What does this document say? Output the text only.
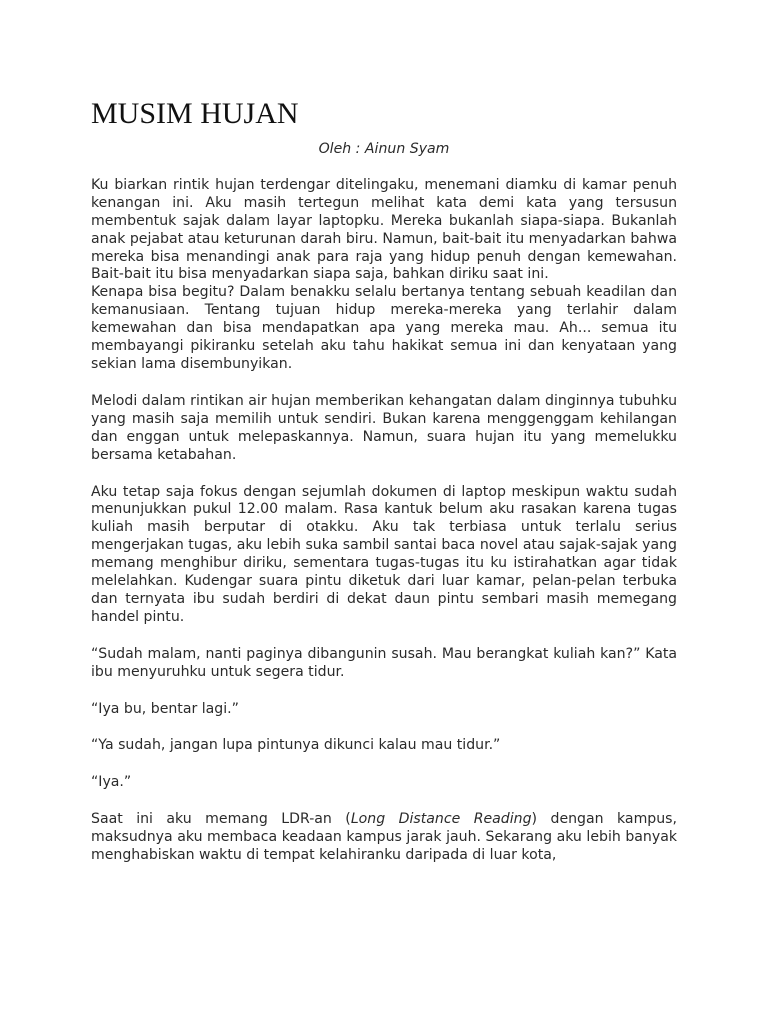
MUSIM HUJAN
Oleh : Ainun Syam

Ku biarkan rintik hujan terdengar ditelingaku, menemani diamku di kamar penuh kenangan ini. Aku masih tertegun melihat kata demi kata yang tersusun membentuk sajak dalam layar laptopku. Mereka bukanlah siapa-siapa. Bukanlah anak pejabat atau keturunan darah biru. Namun, bait-bait itu menyadarkan bahwa mereka bisa menandingi anak para raja yang hidup penuh dengan kemewahan. Bait-bait itu bisa menyadarkan siapa saja, bahkan diriku saat ini.

Kenapa bisa begitu? Dalam benakku selalu bertanya tentang sebuah keadilan dan kemanusiaan. Tentang tujuan hidup mereka-mereka yang terlahir dalam kemewahan dan bisa mendapatkan apa yang mereka mau. Ah... semua itu membayangi pikiranku setelah aku tahu hakikat semua ini dan kenyataan yang sekian lama disembunyikan.

Melodi dalam rintikan air hujan memberikan kehangatan dalam dinginnya tubuhku yang masih saja memilih untuk sendiri. Bukan karena menggenggam kehilangan dan enggan untuk melepaskannya. Namun, suara hujan itu yang memelukku bersama ketabahan.

Aku tetap saja fokus dengan sejumlah dokumen di laptop meskipun waktu sudah menunjukkan pukul 12.00 malam. Rasa kantuk belum aku rasakan karena tugas kuliah masih berputar di otakku. Aku tak terbiasa untuk terlalu serius mengerjakan tugas, aku lebih suka sambil santai baca novel atau sajak-sajak yang memang menghibur diriku, sementara tugas-tugas itu ku istirahatkan agar tidak melelahkan. Kudengar suara pintu diketuk dari luar kamar, pelan-pelan terbuka dan ternyata ibu sudah berdiri di dekat daun pintu sembari masih memegang handel pintu.

“Sudah malam, nanti paginya dibangunin susah. Mau berangkat kuliah kan?” Kata ibu menyuruhku untuk segera tidur.

“Iya bu, bentar lagi.”

“Ya sudah, jangan lupa pintunya dikunci kalau mau tidur.”

“Iya.”

Saat ini aku memang LDR-an (Long Distance Reading) dengan kampus, maksudnya aku membaca keadaan kampus jarak jauh. Sekarang aku lebih banyak menghabiskan waktu di tempat kelahiranku daripada di luar kota,
